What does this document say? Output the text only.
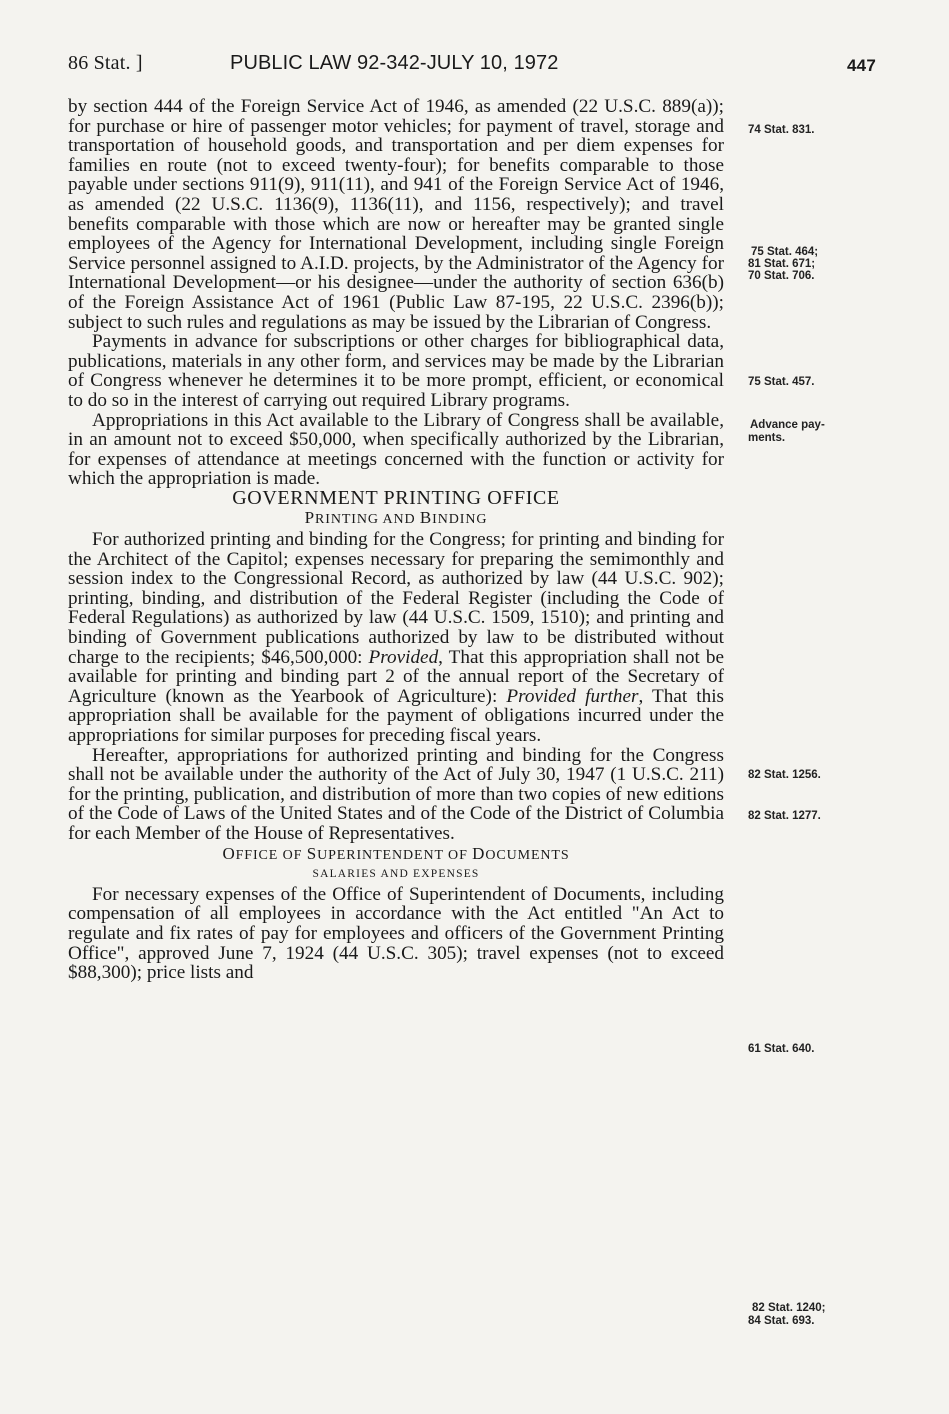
86 Stat. ]	PUBLIC LAW 92-342-JULY 10, 1972	447

by section 444 of the Foreign Service Act of 1946, as amended (22 U.S.C. 889(a)); for purchase or hire of passenger motor vehicles; for payment of travel, storage and transportation of household goods, and transportation and per diem expenses for families en route (not to exceed twenty-four); for benefits comparable to those payable under sections 911(9), 911(11), and 941 of the Foreign Service Act of 1946, as amended (22 U.S.C. 1136(9), 1136(11), and 1156, respectively); and travel benefits comparable with those which are now or hereafter may be granted single employees of the Agency for International Development, including single Foreign Service personnel assigned to A.I.D. projects, by the Administrator of the Agency for International Development—or his designee—under the authority of section 636(b) of the Foreign Assistance Act of 1961 (Public Law 87-195, 22 U.S.C. 2396(b)); subject to such rules and regulations as may be issued by the Librarian of Congress.

Payments in advance for subscriptions or other charges for bibliographical data, publications, materials in any other form, and services may be made by the Librarian of Congress whenever he determines it to be more prompt, efficient, or economical to do so in the interest of carrying out required Library programs.

Appropriations in this Act available to the Library of Congress shall be available, in an amount not to exceed $50,000, when specifically authorized by the Librarian, for expenses of attendance at meetings concerned with the function or activity for which the appropriation is made.

GOVERNMENT PRINTING OFFICE

PRINTING AND BINDING

For authorized printing and binding for the Congress; for printing and binding for the Architect of the Capitol; expenses necessary for preparing the semimonthly and session index to the Congressional Record, as authorized by law (44 U.S.C. 902); printing, binding, and distribution of the Federal Register (including the Code of Federal Regulations) as authorized by law (44 U.S.C. 1509, 1510); and printing and binding of Government publications authorized by law to be distributed without charge to the recipients; $46,500,000: Provided, That this appropriation shall not be available for printing and binding part 2 of the annual report of the Secretary of Agriculture (known as the Yearbook of Agriculture): Provided further, That this appropriation shall be available for the payment of obligations incurred under the appropriations for similar purposes for preceding fiscal years.

Hereafter, appropriations for authorized printing and binding for the Congress shall not be available under the authority of the Act of July 30, 1947 (1 U.S.C. 211) for the printing, publication, and distribution of more than two copies of new editions of the Code of Laws of the United States and of the Code of the District of Columbia for each Member of the House of Representatives.

OFFICE OF SUPERINTENDENT OF DOCUMENTS

SALARIES AND EXPENSES

For necessary expenses of the Office of Superintendent of Documents, including compensation of all employees in accordance with the Act entitled "An Act to regulate and fix rates of pay for employees and officers of the Government Printing Office", approved June 7, 1924 (44 U.S.C. 305); travel expenses (not to exceed $88,300); price lists and

74 Stat. 831.
75 Stat. 464;
81 Stat. 671;
70 Stat. 706.
75 Stat. 457.
Advance pay-
ments.
82 Stat. 1256.
82 Stat. 1277.
61 Stat. 640.
82 Stat. 1240;
84 Stat. 693.
